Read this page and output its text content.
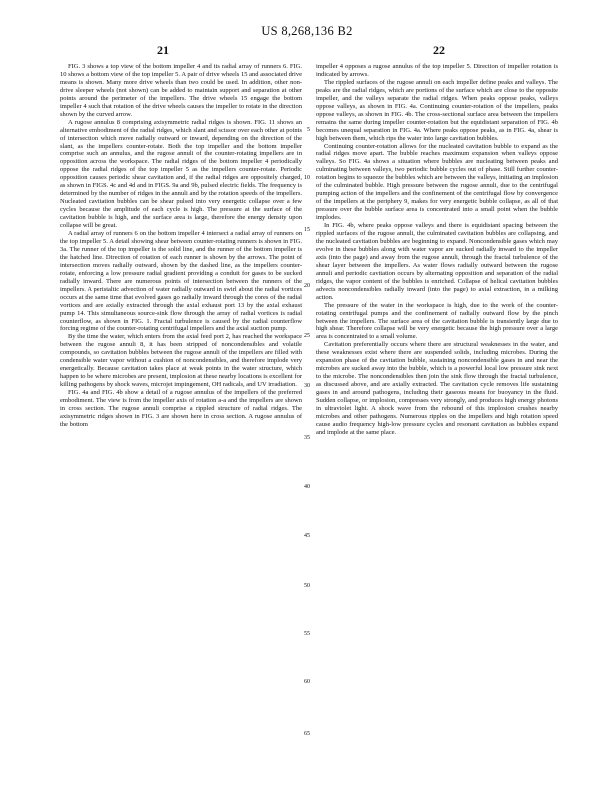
US 8,268,136 B2
21	22

FIG. 3 shows a top view of the bottom impeller 4 and its radial array of runners 6. FIG. 10 shows a bottom view of the top impeller 5. A pair of drive wheels 15 and associated drive means is shown. Many more drive wheels than two could be used. In addition, other non-drive sleeper wheels (not shown) can be added to maintain support and separation at other points around the perimeter of the impellers. The drive wheels 15 engage the bottom impeller 4 such that rotation of the drive wheels causes the impeller to rotate in the direction shown by the curved arrow.

A rugose annulus 8 comprising axisymmetric radial ridges is shown. FIG. 11 shows an alternative embodiment of the radial ridges, which slant and scissor over each other at points of intersection which move radially outward or inward, depending on the direction of the slant, as the impellers counter-rotate. Both the top impeller and the bottom impeller comprise such an annulus, and the rugose annuli of the counter-rotating impellers are in opposition across the workspace. The radial ridges of the bottom impeller 4 periodically oppose the radial ridges of the top impeller 5 as the impellers counter-rotate. Periodic opposition causes periodic shear cavitation and, if the radial ridges are oppositely charged, as shown in FIGS. 4c and 4d and in FIGS. 9a and 9b, pulsed electric fields. The frequency is determined by the number of ridges in the annuli and by the rotation speeds of the impellers. Nucleated cavitation bubbles can be shear pulsed into very energetic collapse over a few cycles because the amplitude of each cycle is high. The pressure at the surface of the cavitation bubble is high, and the surface area is large, therefore the energy density upon collapse will be great.

A radial array of runners 6 on the bottom impeller 4 intersect a radial array of runners on the top impeller 5. A detail showing shear between counter-rotating runners is shown in FIG. 3a. The runner of the top impeller is the solid line, and the runner of the bottom impeller is the hatched line. Direction of rotation of each runner is shown by the arrows. The point of intersection moves radially outward, shown by the dashed line, as the impellers counter-rotate, enforcing a low pressure radial gradient providing a conduit for gases to be sucked radially inward. There are numerous points of intersection between the runners of the impellers. A peristaltic advection of water radially outward in swirl about the radial vortices occurs at the same time that evolved gases go radially inward through the cores of the radial vortices and are axially extracted through the axial exhaust port 13 by the axial exhaust pump 14. This simultaneous source-sink flow through the array of radial vortices is radial counterflow, as shown in FIG. 1. Fractal turbulence is caused by the radial counterflow forcing regime of the counter-rotating centrifugal impellers and the axial suction pump.

By the time the water, which enters from the axial feed port 2, has reached the workspace between the rugose annuli 8, it has been stripped of noncondensibles and volatile compounds, so cavitation bubbles between the rugose annuli of the impellers are filled with condensible water vapor without a cushion of noncondensibles, and therefore implode very energetically. Because cavitation takes place at weak points in the water structure, which happen to be where microbes are present, implosion at these nearby locations is excellent for killing pathogens by shock waves, microjet impingement, OH radicals, and UV irradiation.

FIG. 4a and FIG. 4b show a detail of a rugose annulus of the impellers of the preferred embodiment. The view is from the impeller axis of rotation a-a and the impellers are shown in cross section. The rugose annuli comprise a rippled structure of radial ridges. The axisymmetric ridges shown in FIG. 3 are shown here in cross section. A rugose annulus of the bottom

5
10
15
20
25
30
35
40
45
50
55
60
65

impeller 4 opposes a rugose annulus of the top impeller 5. Direction of impeller rotation is indicated by arrows.

The rippled surfaces of the rugose annuli on each impeller define peaks and valleys. The peaks are the radial ridges, which are portions of the surface which are close to the opposite impeller, and the valleys separate the radial ridges. When peaks oppose peaks, valleys oppose valleys, as shown in FIG. 4a. Continuing counter-rotation of the impellers, peaks oppose valleys, as shown in FIG. 4b. The cross-sectional surface area between the impellers remains the same during impeller counter-rotation but the equidistant separation of FIG. 4b becomes unequal separation in FIG. 4a. Where peaks oppose peaks, as in FIG. 4a, shear is high between them, which rips the water into large cavitation bubbles.

Continuing counter-rotation allows for the nucleated cavitation bubble to expand as the radial ridges move apart. The bubble reaches maximum expansion when valleys oppose valleys. So FIG. 4a shows a situation where bubbles are nucleating between peaks and culminating between valleys, two periodic bubble cycles out of phase. Still further counter-rotation begins to squeeze the bubbles which are between the valleys, initiating an implosion of the culminated bubble. High pressure between the rugose annuli, due to the centrifugal pumping action of the impellers and the confinement of the centrifugal flow by convergence of the impellers at the periphery 9, makes for very energetic bubble collapse, as all of that pressure over the bubble surface area is concentrated into a small point when the bubble implodes.

In FIG. 4b, where peaks oppose valleys and there is equidistant spacing between the rippled surfaces of the rugose annuli, the culminated cavitation bubbles are collapsing, and the nucleated cavitation bubbles are beginning to expand. Noncondensible gases which may evolve in these bubbles along with water vapor are sucked radially inward to the impeller axis (into the page) and away from the rugose annuli, through the fractal turbulence of the shear layer between the impellers. As water flows radially outward between the rugose annuli and periodic cavitation occurs by alternating opposition and separation of the radial ridges, the vapor content of the bubbles is enriched. Collapse of helical cavitation bubbles advects noncondensibles radially inward (into the page) to axial extraction, in a milking action.

The pressure of the water in the workspace is high, due to the work of the counter-rotating centrifugal pumps and the confinement of radially outward flow by the pinch between the impellers. The surface area of the cavitation bubble is transiently large due to high shear. Therefore collapse will be very energetic because the high pressure over a large area is concentrated to a small volume.

Cavitation preferentially occurs where there are structural weaknesses in the water, and these weaknesses exist where there are suspended solids, including microbes. During the expansion phase of the cavitation bubble, sustaining noncondensible gases in and near the microbes are sucked away into the bubble, which is a powerful local low pressure sink next to the microbe. The noncondensibles then join the sink flow through the fractal turbulence, as discussed above, and are axially extracted. The cavitation cycle removes life sustaining gases in and around pathogens, including their gaseous means for buoyancy in the fluid. Sudden collapse, or implosion, compresses very strongly, and produces high energy photons in ultraviolet light. A shock wave from the rebound of this implosion crushes nearby microbes and other pathogens. Numerous ripples on the impellers and high rotation speed cause audio frequency high-low pressure cycles and resonant cavitation as bubbles expand and implode at the same place.
